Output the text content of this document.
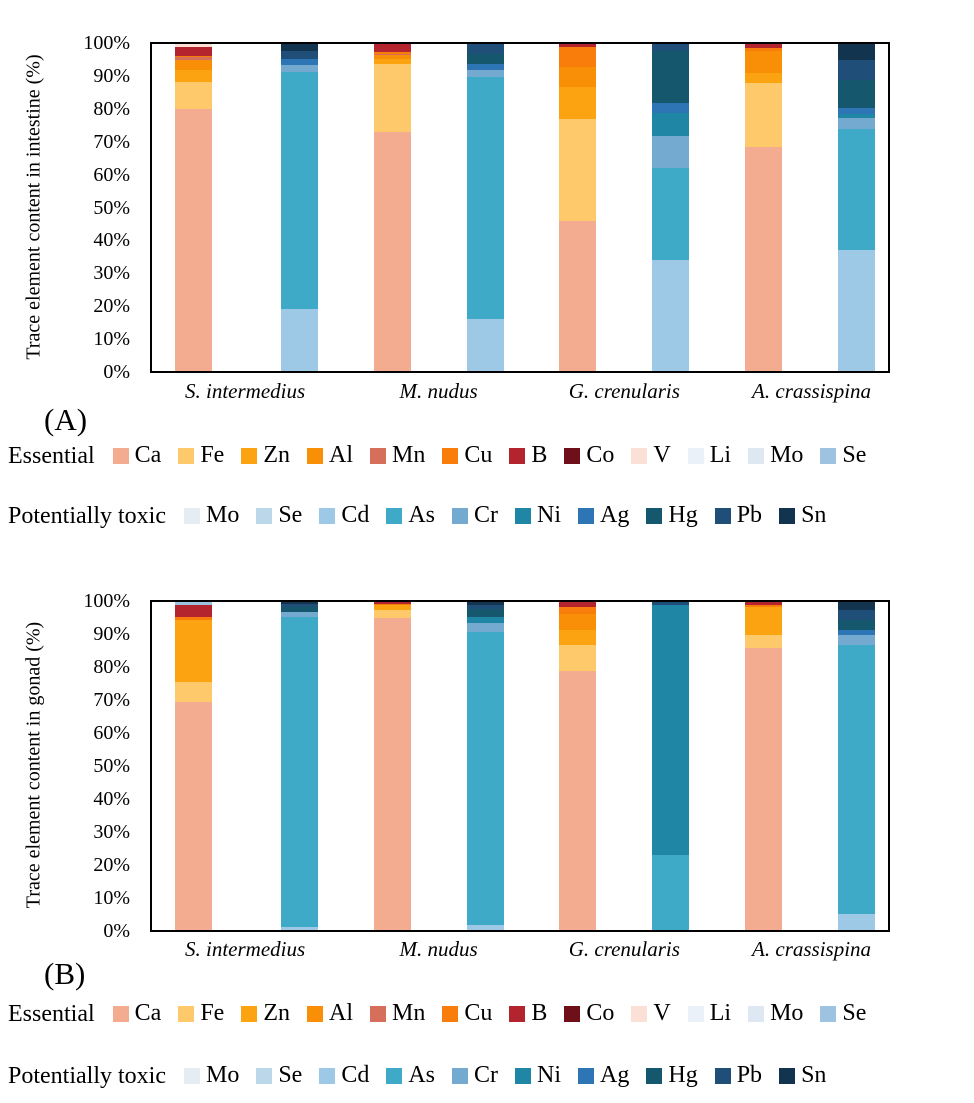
Trace element content in intestine (%)
0%
10%
20%
30%
40%
50%
60%
70%
80%
90%
100%
S. intermedius	M. nudus	G. crenularis	A. crassispina
(A)
Essential Ca Fe Zn Al Mn Cu B Co V Li Mo Se
Potentially toxic Mo Se Cd As Cr Ni Ag Hg Pb Sn
Trace element content in gonad (%)
0%
10%
20%
30%
40%
50%
60%
70%
80%
90%
100%
S. intermedius	M. nudus	G. crenularis	A. crassispina
(B)
Essential Ca Fe Zn Al Mn Cu B Co V Li Mo Se
Potentially toxic Mo Se Cd As Cr Ni Ag Hg Pb Sn
